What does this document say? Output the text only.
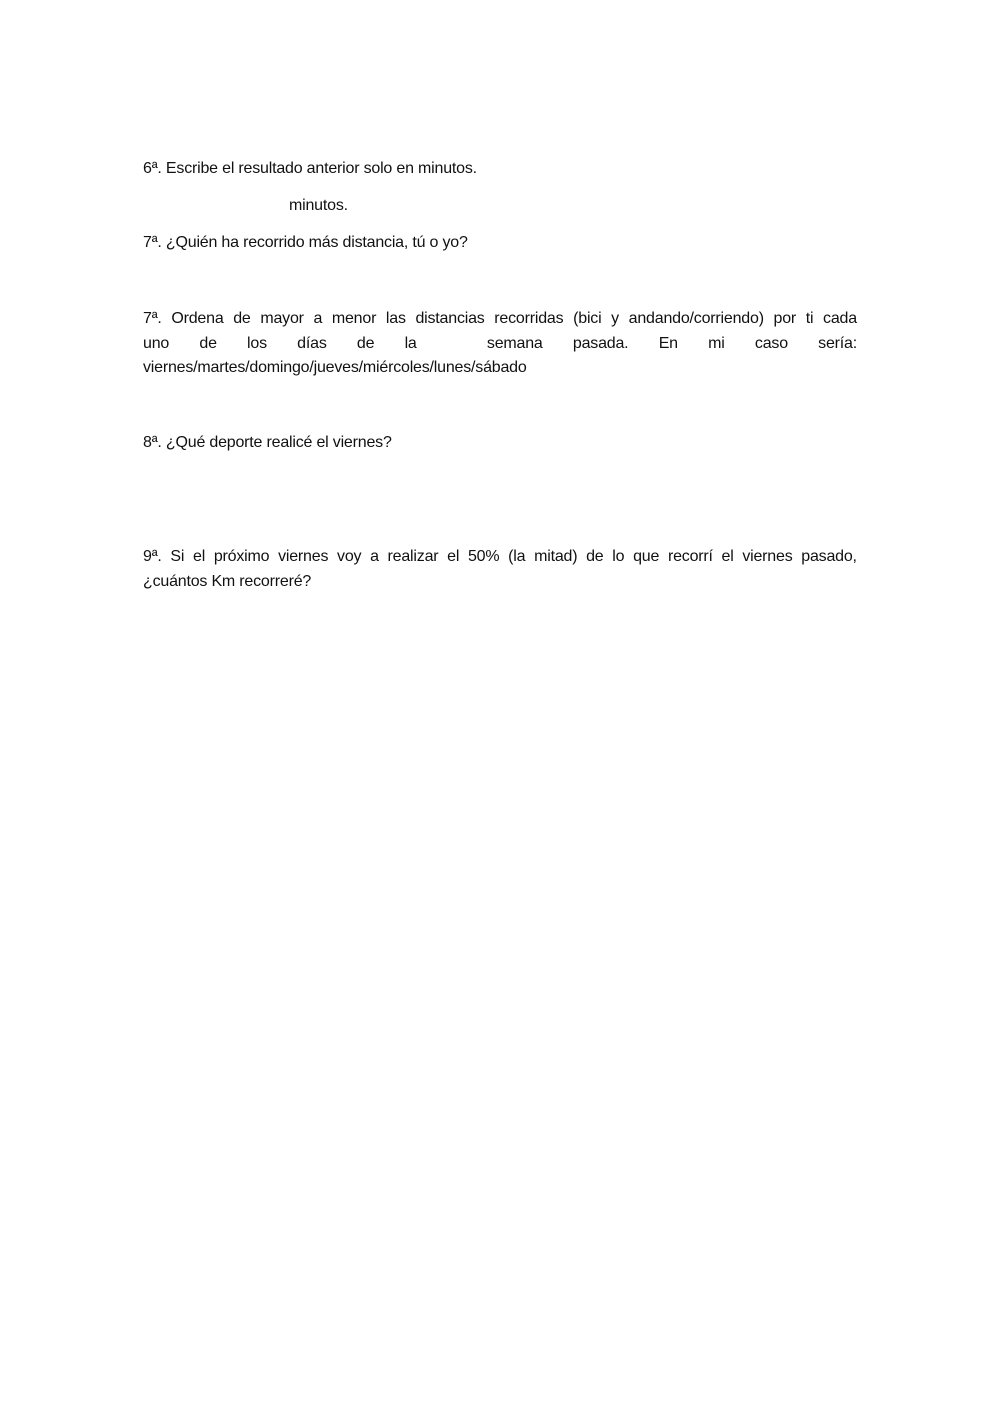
6ª. Escribe el resultado anterior solo en minutos.
minutos.
7ª. ¿Quién ha recorrido más distancia, tú o yo?
7ª. Ordena de mayor a menor las distancias recorridas (bici y andando/corriendo) por ti cada
uno de los días de la	semana pasada. En mi caso sería:
viernes/martes/domingo/jueves/miércoles/lunes/sábado
8ª. ¿Qué deporte realicé el viernes?
9ª. Si el próximo viernes voy a realizar el 50% (la mitad) de lo que recorrí el viernes pasado,
¿cuántos Km recorreré?
